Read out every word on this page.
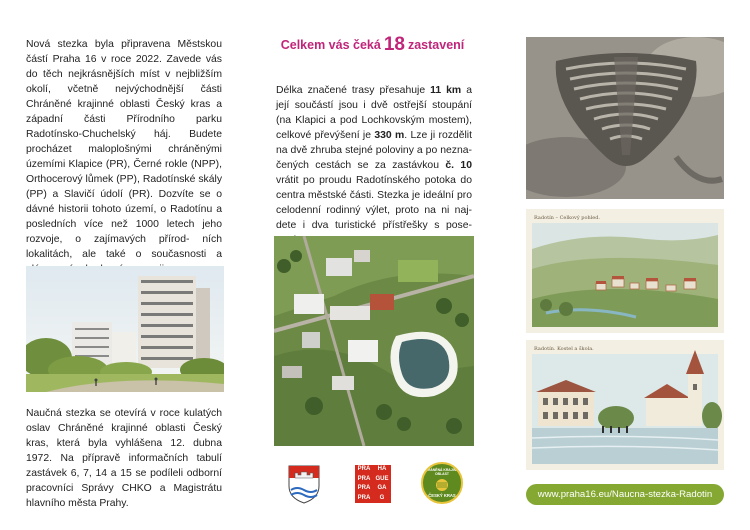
Nová stezka byla připravena Městskou částí Praha 16 v roce 2022. Zavede vás do těch nejkrásnějších míst v nejbližším okolí, včetně nejvýchodnější části Chráněné krajinné oblasti Český kras a západní části Přírodního parku Radotínsko-Chuchelský háj. Budete procházet maloplošnými chráněnými územími Klapice (PR), Černé rokle (NPP), Orthocerový lůmek (PP), Radotínské skály (PP) a Slavičí údolí (PR). Dozvíte se o dávné historii tohoto území, o Radotínu a posledních více než 1000 letech jeho rozvoje, o zajímavých přírod- ních lokalitách, ale také o současnosti a

Naučná stezka se otevírá v roce kulatých oslav Chráněné krajinné oblasti Český kras, která byla vyhlášena 12. dubna 1972. Na přípravě informačních tabulí zastávek 6, 7, 14 a 15 se podíleli odborní pracovníci Správy CHKO a Magistrátu hlavního města Prahy.

Celkem vás čeká 18 zastavení

Délka značené trasy přesahuje 11 km a její součástí jsou i dvě ostřejší stoupání (na Klapici a pod Lochkovským mostem), celkové převýšení je 330 m. Lze ji rozdělit na dvě zhruba stejné poloviny a po nezna-čených cestách se za zastávkou č. 10 vrátit po proudu Radotínského potoka do centra městské části. Stezka je ideální pro celodenní rodinný výlet, proto na ni naj-dete i dva turistické přístřešky s pose-

PRA	HA
PRA GUE
PRA	GA
PRA	G
CHRÁNĚNÁ KRAJINNÁ OBLAST
ČESKÝ KRAS
Radotín – Celkový pohled.
Radotín. Kostel a škola.
www.praha16.eu/Naucna-stezka-Radotin
